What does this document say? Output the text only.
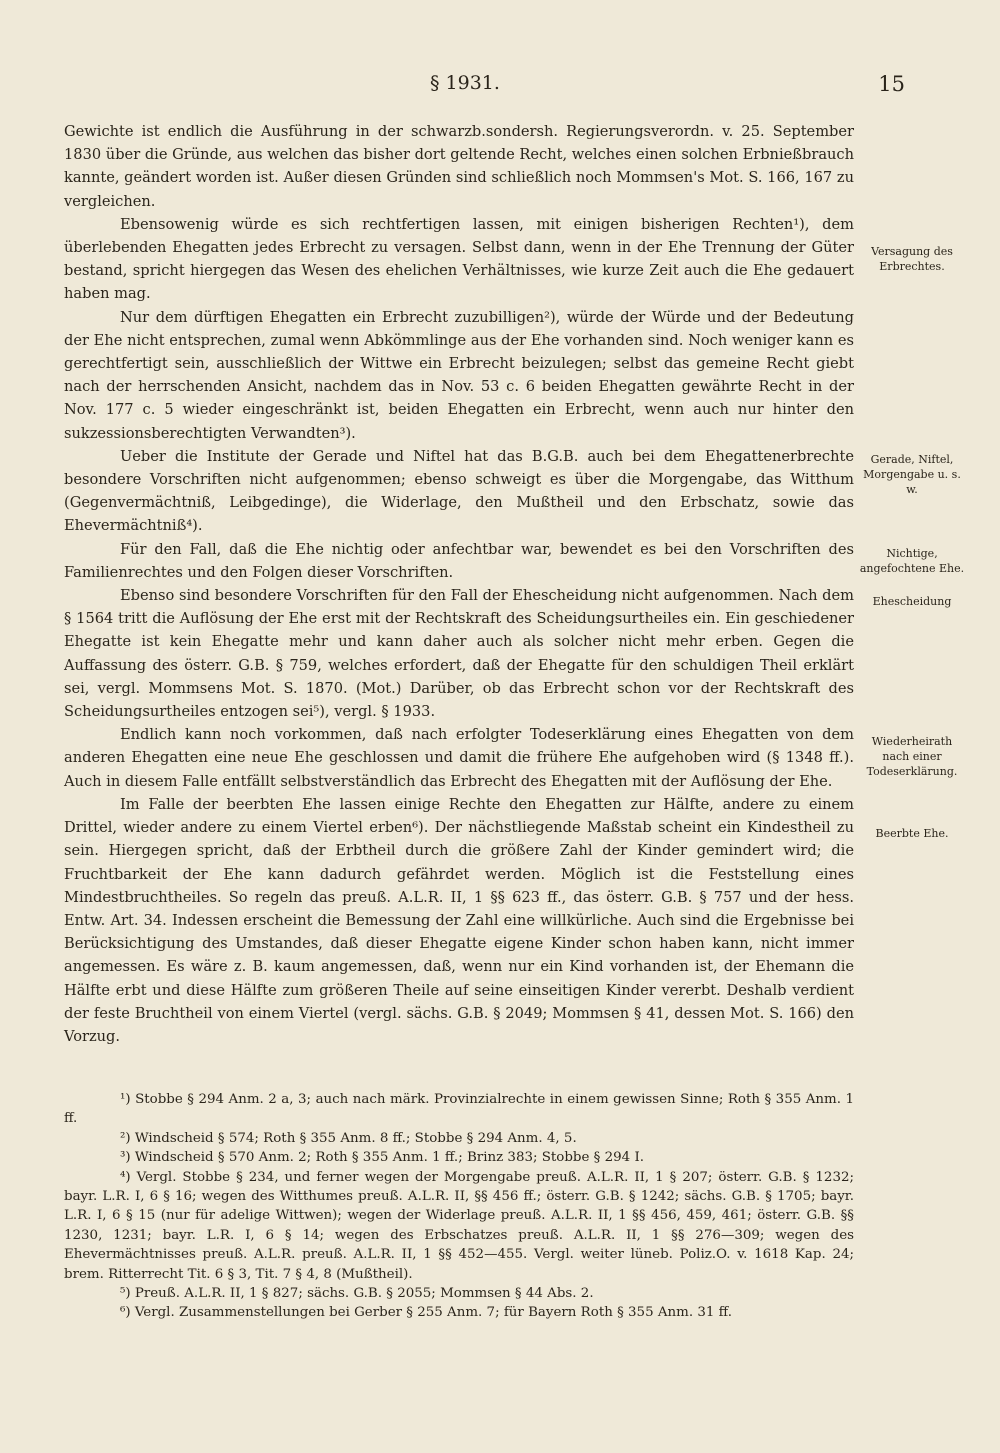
§ 1931.	15

Gewichte ist endlich die Ausführung in der schwarzb.sondersh. Regierungsverordn. v. 25. September 1830 über die Gründe, aus welchen das bisher dort geltende Recht, welches einen solchen Erbnießbrauch kannte, geändert worden ist. Außer diesen Gründen sind schließlich noch Mommsen's Mot. S. 166, 167 zu vergleichen.

Ebensowenig würde es sich rechtfertigen lassen, mit einigen bisherigen Rechten¹), dem überlebenden Ehegatten jedes Erbrecht zu versagen. Selbst dann, wenn in der Ehe Trennung der Güter bestand, spricht hiergegen das Wesen des ehelichen Verhältnisses, wie kurze Zeit auch die Ehe gedauert haben mag.

Nur dem dürftigen Ehegatten ein Erbrecht zuzubilligen²), würde der Würde und der Bedeutung der Ehe nicht entsprechen, zumal wenn Abkömmlinge aus der Ehe vorhanden sind. Noch weniger kann es gerechtfertigt sein, ausschließlich der Wittwe ein Erbrecht beizulegen; selbst das gemeine Recht giebt nach der herrschenden Ansicht, nachdem das in Nov. 53 c. 6 beiden Ehegatten gewährte Recht in der Nov. 177 c. 5 wieder eingeschränkt ist, beiden Ehegatten ein Erbrecht, wenn auch nur hinter den sukzessionsberechtigten Verwandten³).

Ueber die Institute der Gerade und Niftel hat das B.G.B. auch bei dem Ehegattenerbrechte besondere Vorschriften nicht aufgenommen; ebenso schweigt es über die Morgengabe, das Witthum (Gegenvermächtniß, Leibgedinge), die Widerlage, den Mußtheil und den Erbschatz, sowie das Ehevermächtniß⁴).

Für den Fall, daß die Ehe nichtig oder anfechtbar war, bewendet es bei den Vorschriften des Familienrechtes und den Folgen dieser Vorschriften.

Ebenso sind besondere Vorschriften für den Fall der Ehescheidung nicht aufgenommen. Nach dem § 1564 tritt die Auflösung der Ehe erst mit der Rechtskraft des Scheidungsurtheiles ein. Ein geschiedener Ehegatte ist kein Ehegatte mehr und kann daher auch als solcher nicht mehr erben. Gegen die Auffassung des österr. G.B. § 759, welches erfordert, daß der Ehegatte für den schuldigen Theil erklärt sei, vergl. Mommsens Mot. S. 1870. (Mot.) Darüber, ob das Erbrecht schon vor der Rechtskraft des Scheidungsurtheiles entzogen sei⁵), vergl. § 1933.

Endlich kann noch vorkommen, daß nach erfolgter Todeserklärung eines Ehegatten von dem anderen Ehegatten eine neue Ehe geschlossen und damit die frühere Ehe aufgehoben wird (§ 1348 ff.). Auch in diesem Falle entfällt selbstverständlich das Erbrecht des Ehegatten mit der Auflösung der Ehe.

Im Falle der beerbten Ehe lassen einige Rechte den Ehegatten zur Hälfte, andere zu einem Drittel, wieder andere zu einem Viertel erben⁶). Der nächstliegende Maßstab scheint ein Kindestheil zu sein. Hiergegen spricht, daß der Erbtheil durch die größere Zahl der Kinder gemindert wird; die Fruchtbarkeit der Ehe kann dadurch gefährdet werden. Möglich ist die Feststellung eines Mindestbruchtheiles. So regeln das preuß. A.L.R. II, 1 §§ 623 ff., das österr. G.B. § 757 und der hess. Entw. Art. 34. Indessen erscheint die Bemessung der Zahl eine willkürliche. Auch sind die Ergebnisse bei Berücksichtigung des Umstandes, daß dieser Ehegatte eigene Kinder schon haben kann, nicht immer angemessen. Es wäre z. B. kaum angemessen, daß, wenn nur ein Kind vorhanden ist, der Ehemann die Hälfte erbt und diese Hälfte zum größeren Theile auf seine einseitigen Kinder vererbt. Deshalb verdient der feste Bruchtheil von einem Viertel (vergl. sächs. G.B. § 2049; Mommsen § 41, dessen Mot. S. 166) den Vorzug.

Versagung des Erbrechtes.
Gerade, Niftel, Morgengabe u. s. w.
Nichtige, angefochtene Ehe.
Ehescheidung
Wiederheirath nach einer Todeserklärung.
Beerbte Ehe.

¹) Stobbe § 294 Anm. 2 a, 3; auch nach märk. Provinzialrechte in einem gewissen Sinne; Roth § 355 Anm. 1 ff.

²) Windscheid § 574; Roth § 355 Anm. 8 ff.; Stobbe § 294 Anm. 4, 5.

³) Windscheid § 570 Anm. 2; Roth § 355 Anm. 1 ff.; Brinz 383; Stobbe § 294 I.

⁴) Vergl. Stobbe § 234, und ferner wegen der Morgengabe preuß. A.L.R. II, 1 § 207; österr. G.B. § 1232; bayr. L.R. I, 6 § 16; wegen des Witthumes preuß. A.L.R. II, §§ 456 ff.; österr. G.B. § 1242; sächs. G.B. § 1705; bayr. L.R. I, 6 § 15 (nur für adelige Wittwen); wegen der Widerlage preuß. A.L.R. II, 1 §§ 456, 459, 461; österr. G.B. §§ 1230, 1231; bayr. L.R. I, 6 § 14; wegen des Erbschatzes preuß. A.L.R. II, 1 §§ 276—309; wegen des Ehevermächtnisses preuß. A.L.R. preuß. A.L.R. II, 1 §§ 452—455. Vergl. weiter lüneb. Poliz.O. v. 1618 Kap. 24; brem. Ritterrecht Tit. 6 § 3, Tit. 7 § 4, 8 (Mußtheil).

⁵) Preuß. A.L.R. II, 1 § 827; sächs. G.B. § 2055; Mommsen § 44 Abs. 2.

⁶) Vergl. Zusammenstellungen bei Gerber § 255 Anm. 7; für Bayern Roth § 355 Anm. 31 ff.
